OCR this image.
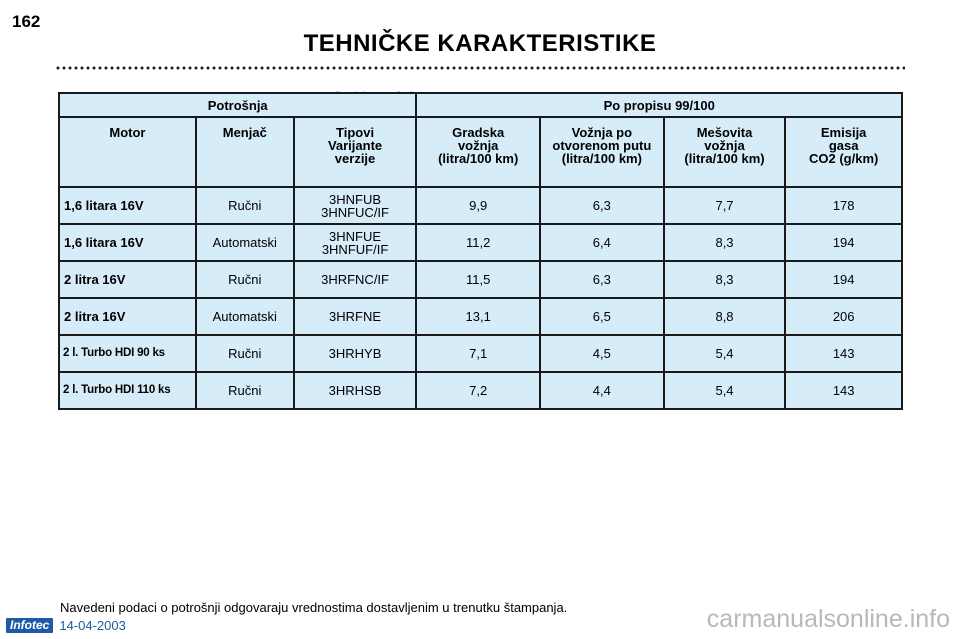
162
TEHNIČKE KARAKTERISTIKE
Potrošnja			Po propisu 99/100			
Motor	Menjač	Tipovi
Varijante
verzije	Gradska
vožnja
(litra/100 km)	Vožnja po
otvorenom putu
(litra/100 km)	Mešovita
vožnja
(litra/100 km)	Emisija
gasa
CO2 (g/km)
1,6 litara 16V	Ručni	3HNFUB
3HNFUC/IF	9,9	6,3	7,7	178
1,6 litara 16V	Automatski	3HNFUE
3HNFUF/IF	11,2	6,4	8,3	194
2 litra 16V	Ručni	3HRFNC/IF	11,5	6,3	8,3	194
2 litra 16V	Automatski	3HRFNE	13,1	6,5	8,8	206
2 l. Turbo HDI 90 ks	Ručni	3HRHYB	7,1	4,5	5,4	143
2 l. Turbo HDI 110 ks	Ručni	3HRHSB	7,2	4,4	5,4	143
Navedeni podaci o potrošnji odgovaraju vrednostima dostavljenim u trenutku štampanja.
Infotec 14-04-2003	carmanualsonline.info
